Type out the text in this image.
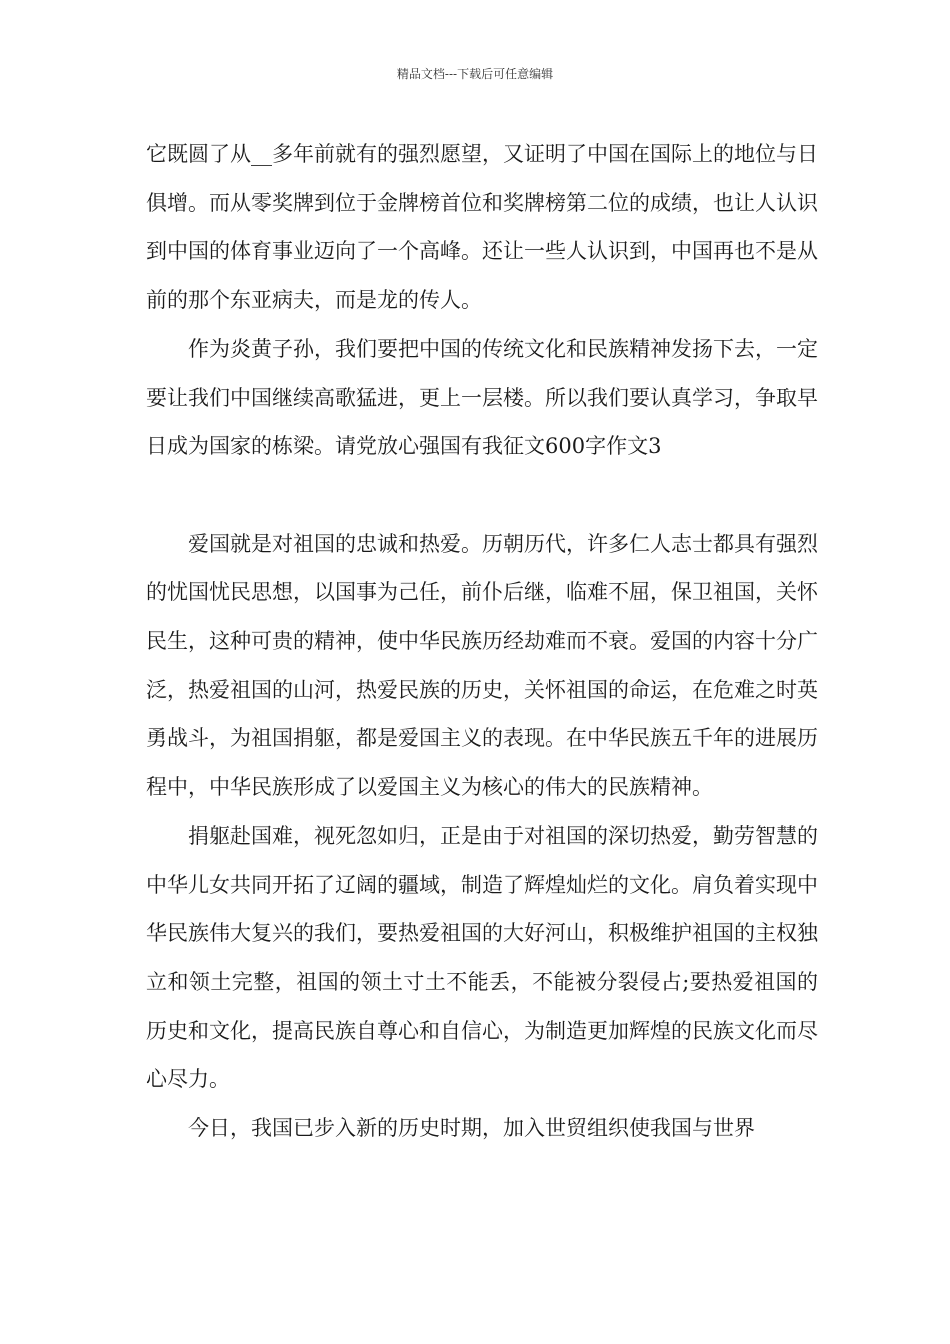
精品文档---下载后可任意编辑

它既圆了从__多年前就有的强烈愿望，又证明了中国在国际上的地位与日俱增。而从零奖牌到位于金牌榜首位和奖牌榜第二位的成绩，也让人认识到中国的体育事业迈向了一个高峰。还让一些人认识到，中国再也不是从前的那个东亚病夫，而是龙的传人。

作为炎黄子孙，我们要把中国的传统文化和民族精神发扬下去，一定要让我们中国继续高歌猛进，更上一层楼。所以我们要认真学习，争取早日成为国家的栋梁。请党放心强国有我征文600字作文3

爱国就是对祖国的忠诚和热爱。历朝历代，许多仁人志士都具有强烈的忧国忧民思想，以国事为己任，前仆后继，临难不屈，保卫祖国，关怀民生，这种可贵的精神，使中华民族历经劫难而不衰。爱国的内容十分广泛，热爱祖国的山河，热爱民族的历史，关怀祖国的命运，在危难之时英勇战斗，为祖国捐躯，都是爱国主义的表现。在中华民族五千年的进展历程中，中华民族形成了以爱国主义为核心的伟大的民族精神。

捐躯赴国难，视死忽如归，正是由于对祖国的深切热爱，勤劳智慧的中华儿女共同开拓了辽阔的疆域，制造了辉煌灿烂的文化。肩负着实现中华民族伟大复兴的我们，要热爱祖国的大好河山，积极维护祖国的主权独立和领土完整，祖国的领土寸土不能丢，不能被分裂侵占;要热爱祖国的历史和文化，提高民族自尊心和自信心，为制造更加辉煌的民族文化而尽心尽力。

今日，我国已步入新的历史时期，加入世贸组织使我国与世界
